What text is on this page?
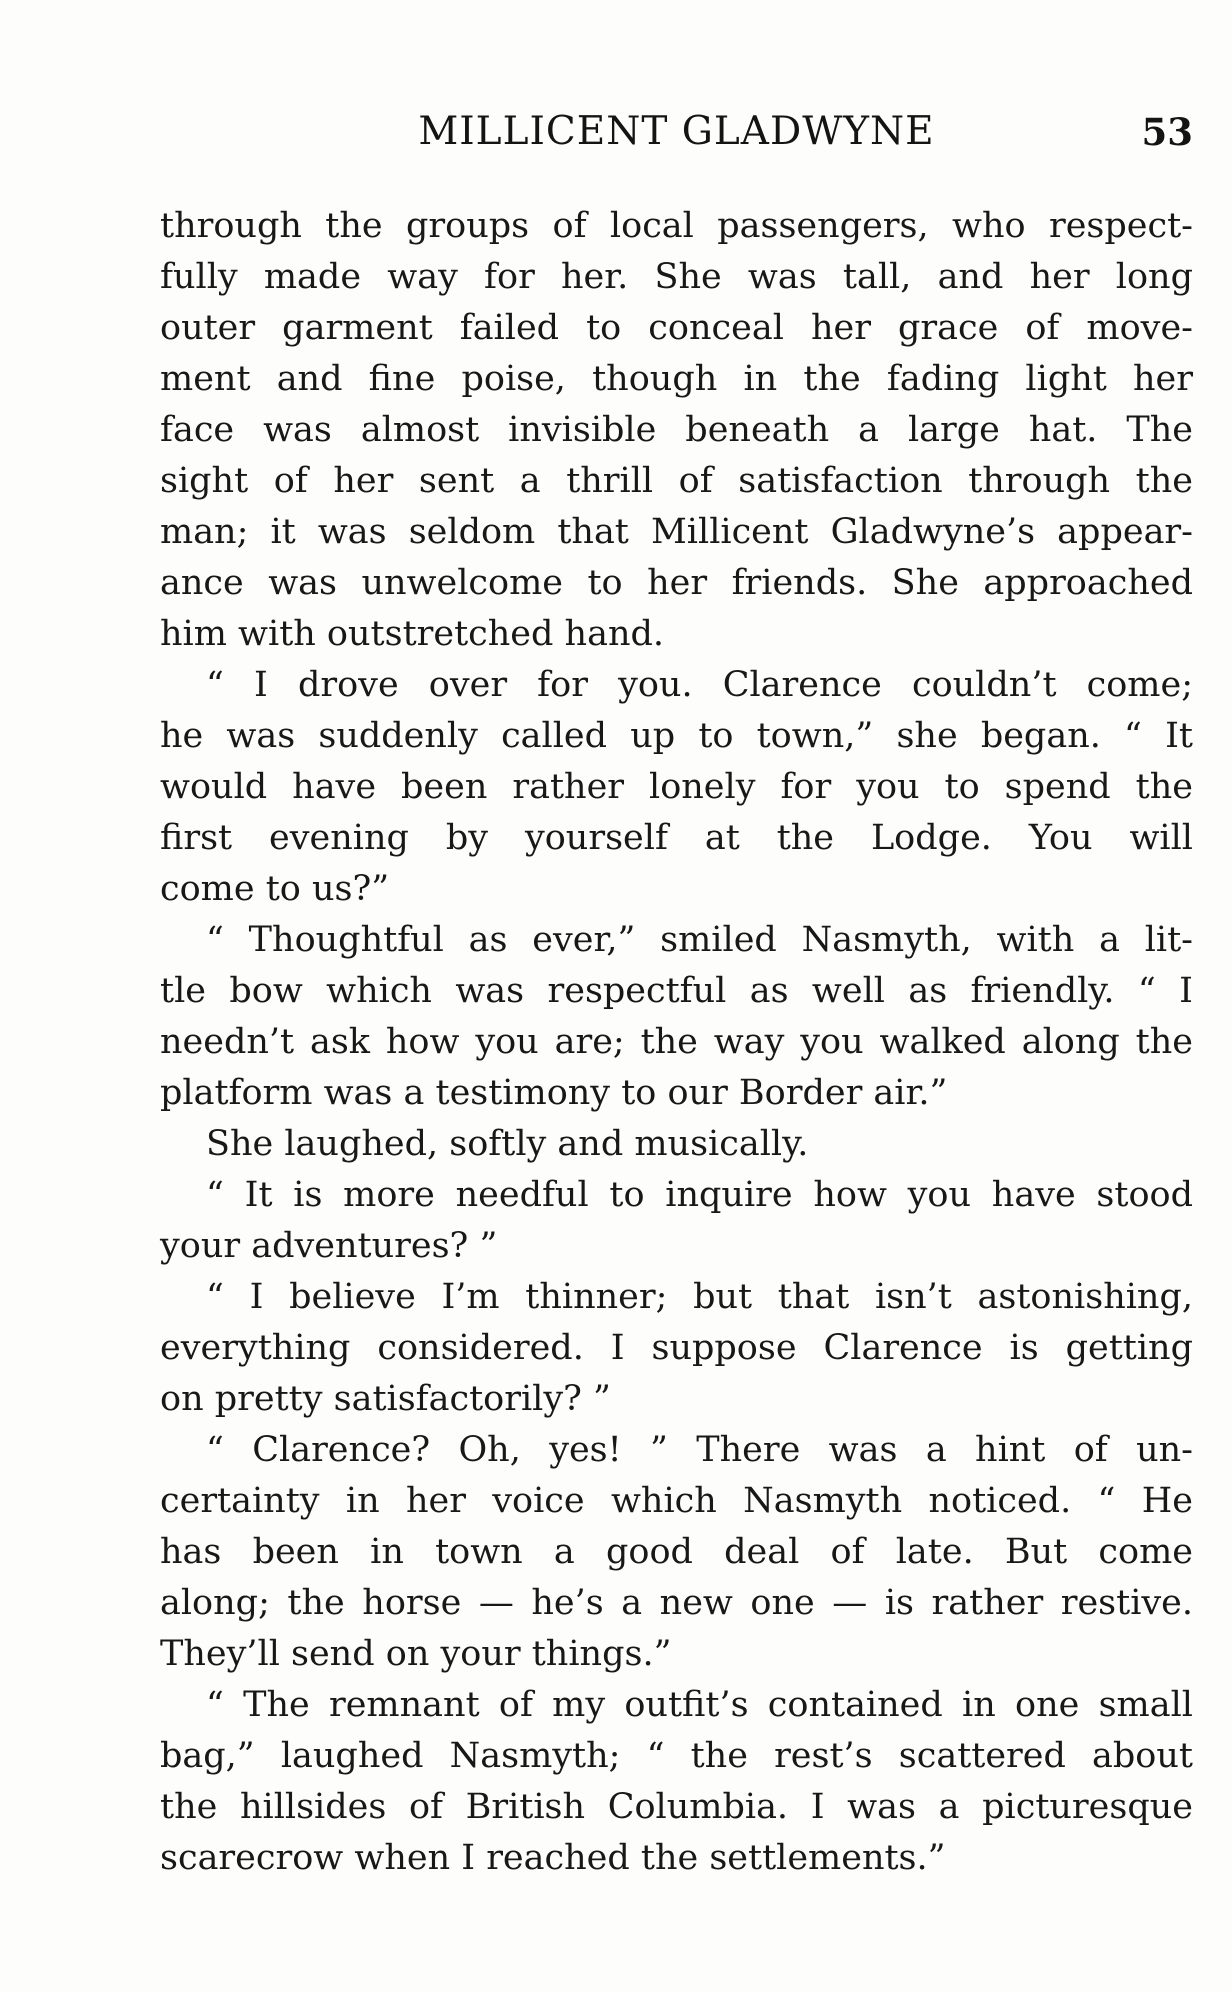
MILLICENT GLADWYNE	53
through the groups of local passengers, who respect-
fully made way for her. She was tall, and her long
outer garment failed to conceal her grace of move-
ment and fine poise, though in the fading light her
face was almost invisible beneath a large hat. The
sight of her sent a thrill of satisfaction through the
man; it was seldom that Millicent Gladwyne’s appear-
ance was unwelcome to her friends. She approached
him with outstretched hand.
“ I drove over for you. Clarence couldn’t come;
he was suddenly called up to town,” she began. “ It
would have been rather lonely for you to spend the
first evening by yourself at the Lodge. You will
come to us?”
“ Thoughtful as ever,” smiled Nasmyth, with a lit-
tle bow which was respectful as well as friendly. “ I
needn’t ask how you are; the way you walked along the
platform was a testimony to our Border air.”
She laughed, softly and musically.
“ It is more needful to inquire how you have stood
your adventures? ”
“ I believe I’m thinner; but that isn’t astonishing,
everything considered. I suppose Clarence is getting
on pretty satisfactorily? ”
“ Clarence? Oh, yes! ” There was a hint of un-
certainty in her voice which Nasmyth noticed. “ He
has been in town a good deal of late. But come
along; the horse — he’s a new one — is rather restive.
They’ll send on your things.”
“ The remnant of my outfit’s contained in one small
bag,” laughed Nasmyth; “ the rest’s scattered about
the hillsides of British Columbia. I was a picturesque
scarecrow when I reached the settlements.”
